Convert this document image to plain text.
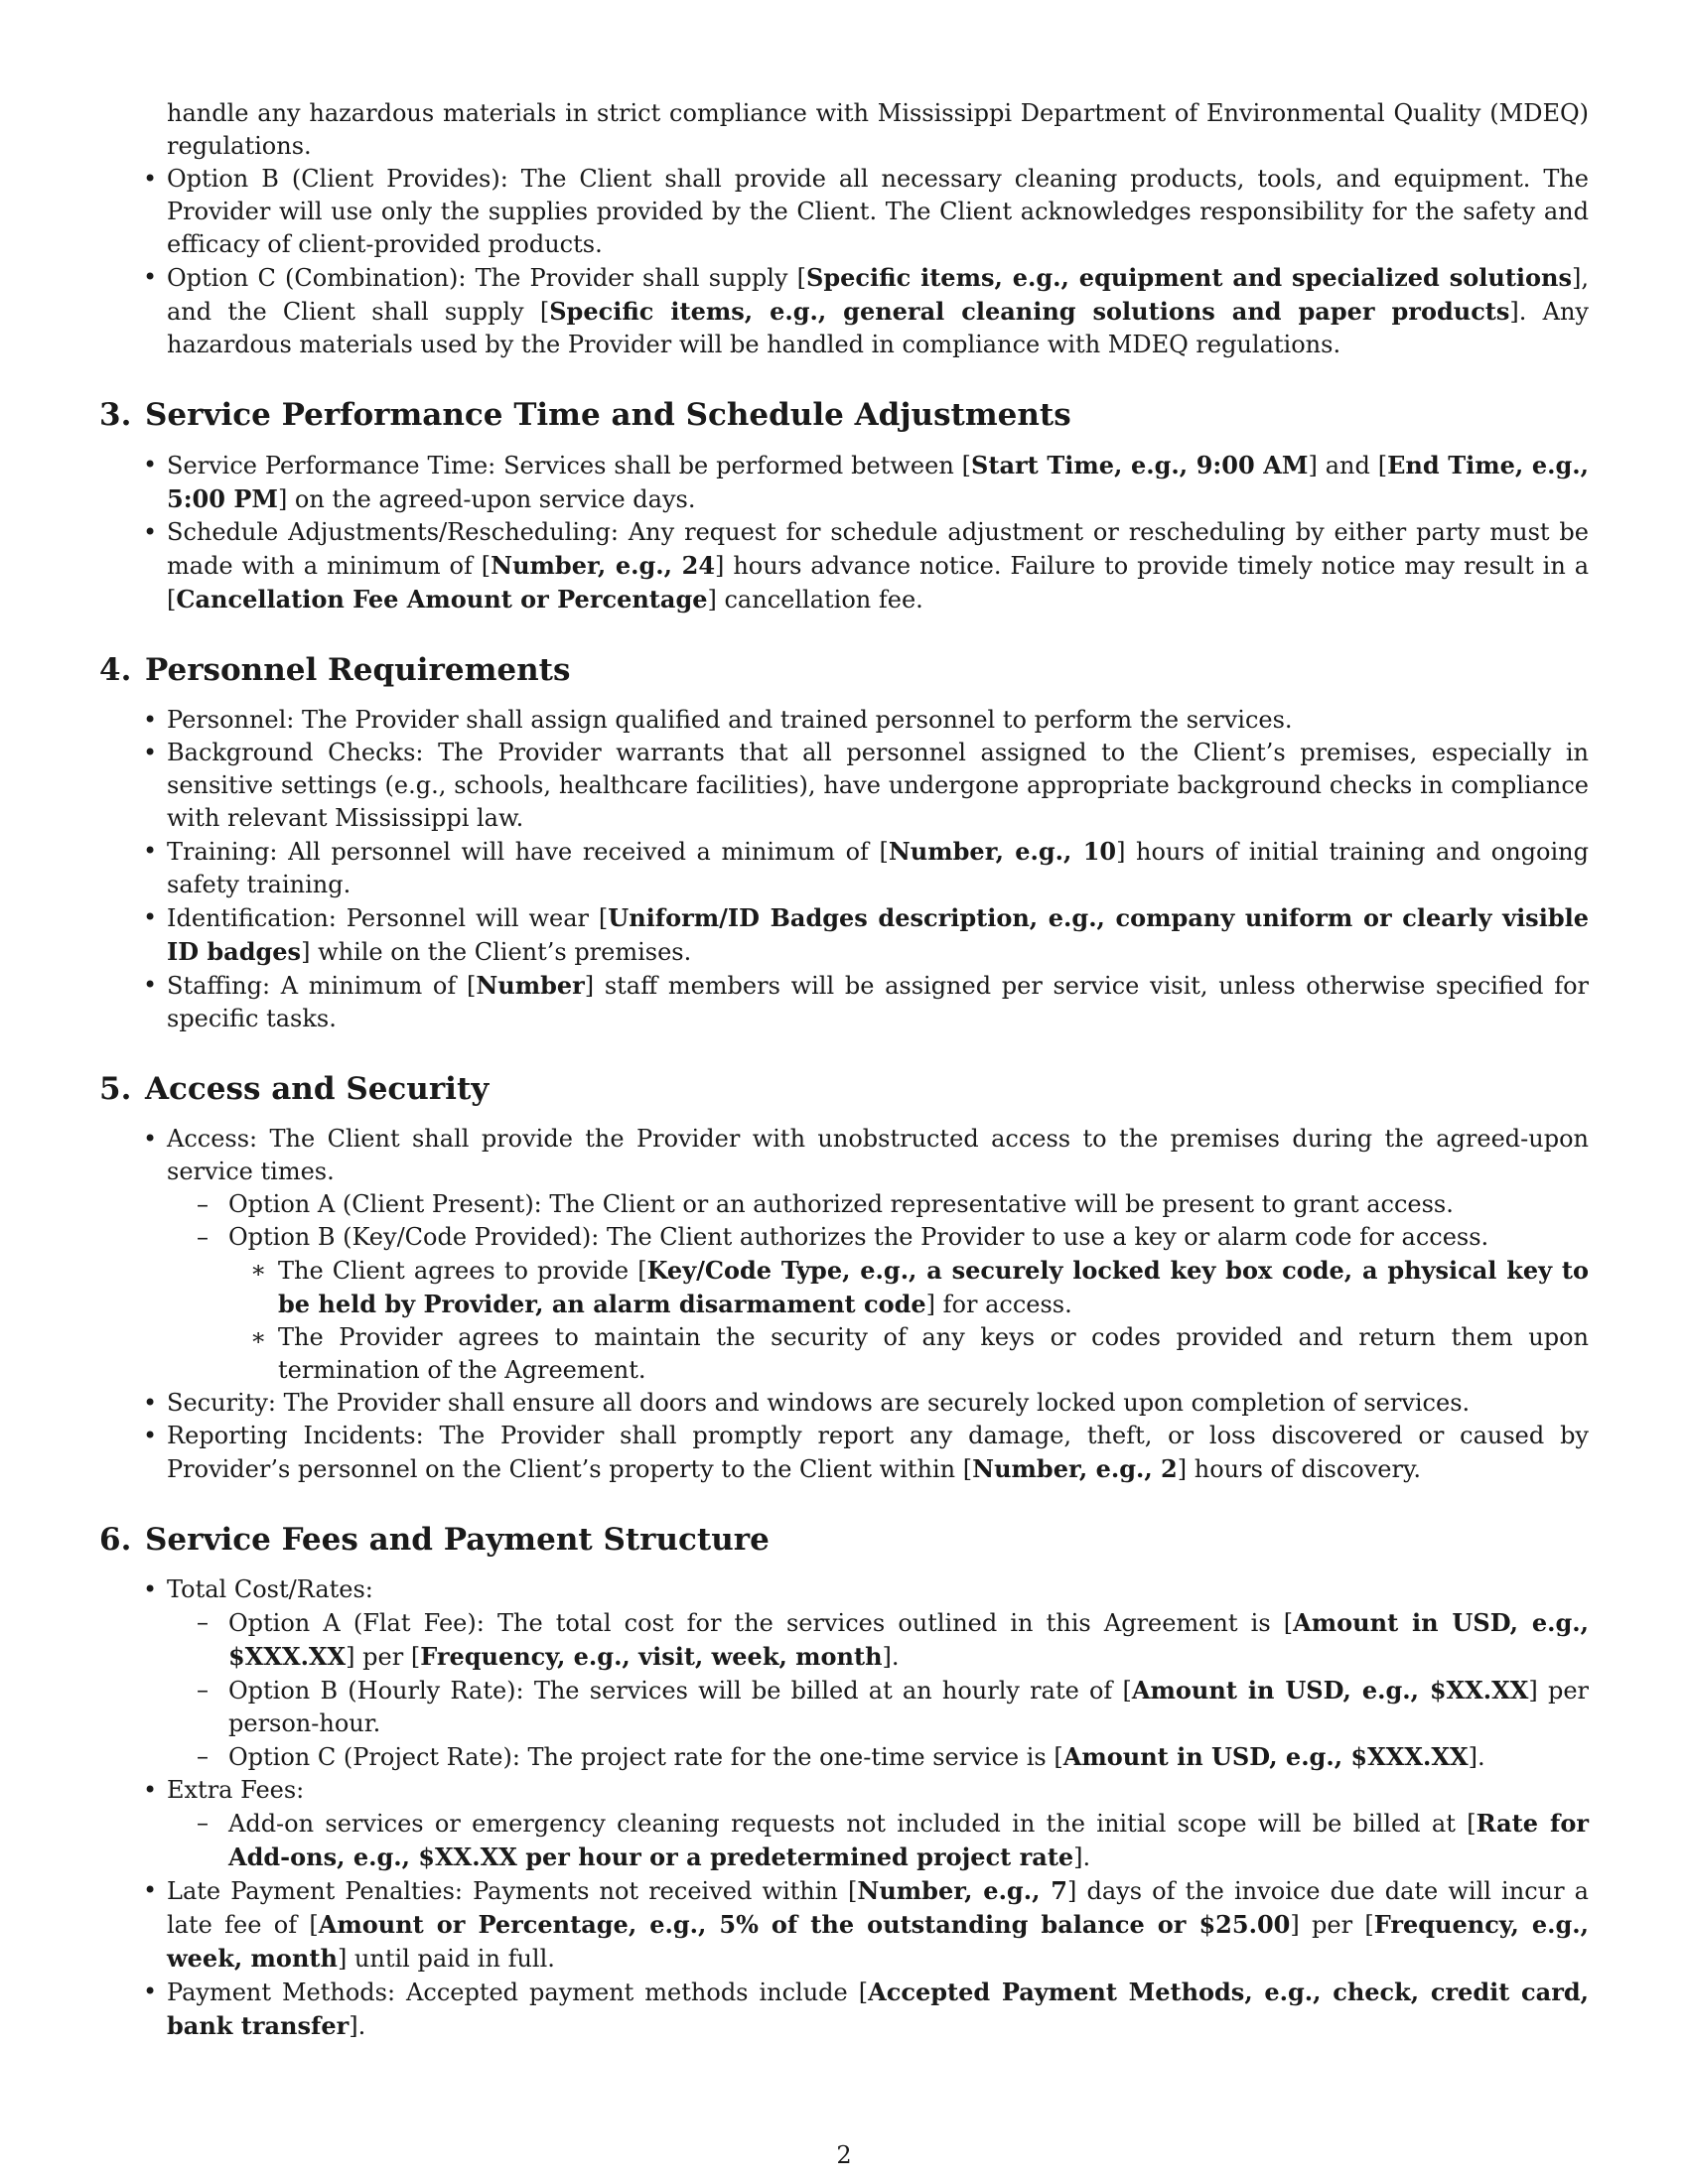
handle any hazardous materials in strict compliance with Mississippi Department of Environmental Quality (MDEQ) regulations.

• Option B (Client Provides): The Client shall provide all necessary cleaning products, tools, and equipment. The Provider will use only the supplies provided by the Client. The Client acknowledges responsibility for the safety and efficacy of client-provided products.
• Option C (Combination): The Provider shall supply [Specific items, e.g., equipment and specialized solutions], and the Client shall supply [Specific items, e.g., general cleaning solutions and paper products]. Any hazardous materials used by the Provider will be handled in compliance with MDEQ regulations.
3. Service Performance Time and Schedule Adjustments
• Service Performance Time: Services shall be performed between [Start Time, e.g., 9:00 AM] and [End Time, e.g., 5:00 PM] on the agreed-upon service days.
• Schedule Adjustments/Rescheduling: Any request for schedule adjustment or rescheduling by either party must be made with a minimum of [Number, e.g., 24] hours advance notice. Failure to provide timely notice may result in a [Cancellation Fee Amount or Percentage] cancellation fee.
4. Personnel Requirements
• Personnel: The Provider shall assign qualified and trained personnel to perform the services.
• Background Checks: The Provider warrants that all personnel assigned to the Client’s premises, especially in sensitive settings (e.g., schools, healthcare facilities), have undergone appropriate background checks in compliance with relevant Mississippi law.
• Training: All personnel will have received a minimum of [Number, e.g., 10] hours of initial training and ongoing safety training.
• Identification: Personnel will wear [Uniform/ID Badges description, e.g., company uniform or clearly visible ID badges] while on the Client’s premises.
• Staffing: A minimum of [Number] staff members will be assigned per service visit, unless otherwise specified for specific tasks.
5. Access and Security
• Access: The Client shall provide the Provider with unobstructed access to the premises during the agreed-upon service times.
– Option A (Client Present): The Client or an authorized representative will be present to grant access.
– Option B (Key/Code Provided): The Client authorizes the Provider to use a key or alarm code for access.
∗ The Client agrees to provide [Key/Code Type, e.g., a securely locked key box code, a physical key to be held by Provider, an alarm disarmament code] for access.
∗ The Provider agrees to maintain the security of any keys or codes provided and return them upon termination of the Agreement.
• Security: The Provider shall ensure all doors and windows are securely locked upon completion of services.
• Reporting Incidents: The Provider shall promptly report any damage, theft, or loss discovered or caused by Provider’s personnel on the Client’s property to the Client within [Number, e.g., 2] hours of discovery.
6. Service Fees and Payment Structure
• Total Cost/Rates:
– Option A (Flat Fee): The total cost for the services outlined in this Agreement is [Amount in USD, e.g., $XXX.XX] per [Frequency, e.g., visit, week, month].
– Option B (Hourly Rate): The services will be billed at an hourly rate of [Amount in USD, e.g., $XX.XX] per person-hour.
– Option C (Project Rate): The project rate for the one-time service is [Amount in USD, e.g., $XXX.XX].
• Extra Fees:
– Add-on services or emergency cleaning requests not included in the initial scope will be billed at [Rate for Add-ons, e.g., $XX.XX per hour or a predetermined project rate].
• Late Payment Penalties: Payments not received within [Number, e.g., 7] days of the invoice due date will incur a late fee of [Amount or Percentage, e.g., 5% of the outstanding balance or $25.00] per [Frequency, e.g., week, month] until paid in full.
• Payment Methods: Accepted payment methods include [Accepted Payment Methods, e.g., check, credit card, bank transfer].
2
